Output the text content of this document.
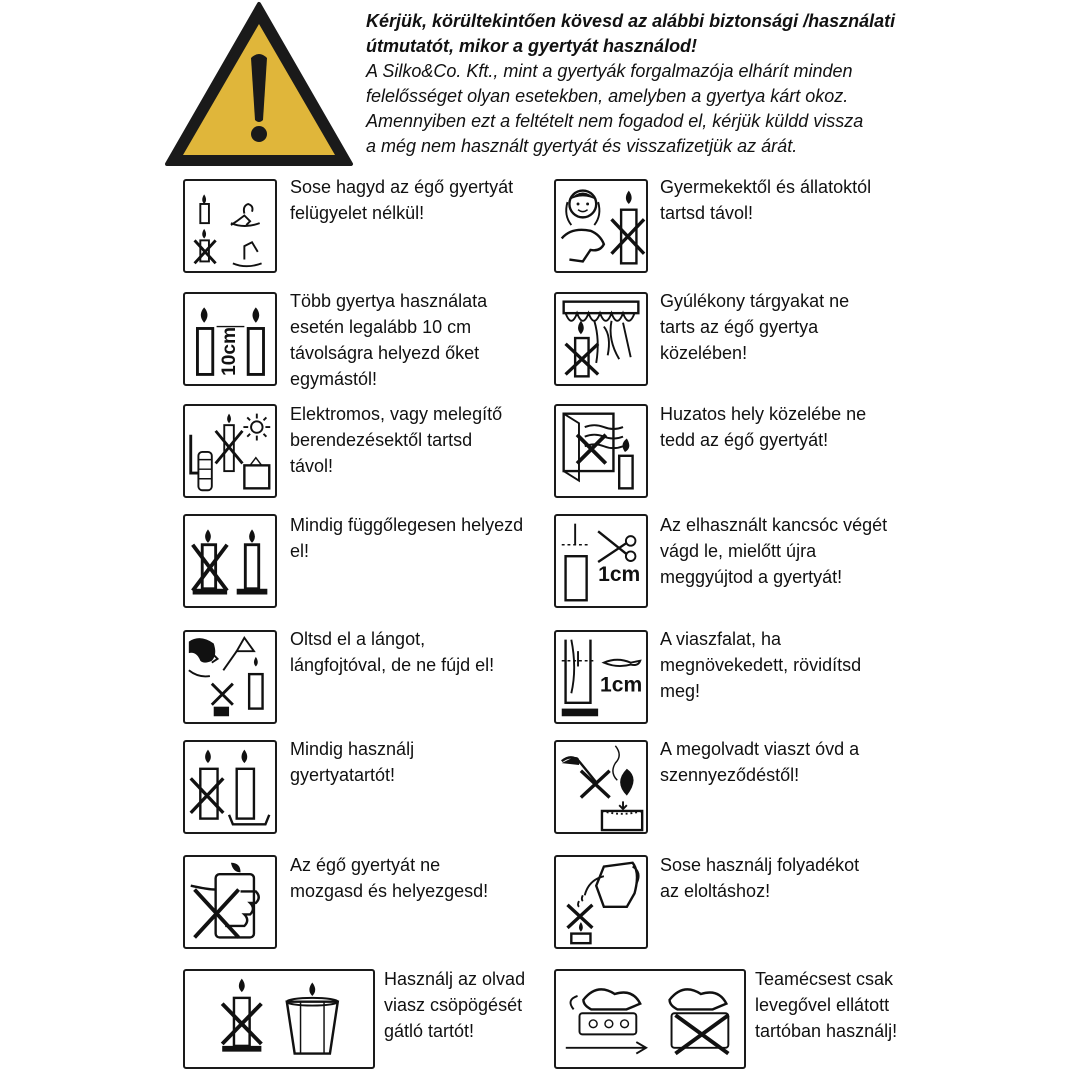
Kérjük, körültekintően kövesd az alábbi biztonsági /használati
útmutatót, mikor a gyertyát használod!
A Silko&Co. Kft., mint a gyertyák forgalmazója elhárít minden
felelősséget olyan esetekben, amelyben a gyertya kárt okoz.
Amennyiben ezt a feltételt nem fogadod el, kérjük küldd vissza
a még nem használt gyertyát és visszafizetjük az árát.
Sose hagyd az égő gyertyát
felügyelet nélkül!
10cm
Több gyertya használata
esetén legalább 10 cm
távolságra helyezd őket
egymástól!
Elektromos, vagy melegítő
berendezésektől tartsd
távol!
Mindig függőlegesen helyezd
el!
Oltsd el a lángot,
lángfojtóval, de ne fújd el!
Mindig használj
gyertyatartót!
Az égő gyertyát ne
mozgasd és helyezgesd!
Használj az olvad
viasz csöpögését
gátló tartót!
Gyermekektől és állatoktól
tartsd távol!
Gyúlékony tárgyakat ne
tarts az égő gyertya
közelében!
Huzatos hely közelébe ne
tedd az égő gyertyát!
1cm
Az elhasznált kancsóc végét
vágd le, mielőtt újra
meggyújtod a gyertyát!
1cm
A viaszfalat, ha
megnövekedett, rövidítsd
meg!
A megolvadt viaszt óvd a
szennyeződéstől!
Sose használj folyadékot
az eloltáshoz!
Teamécsest csak
levegővel ellátott
tartóban használj!
